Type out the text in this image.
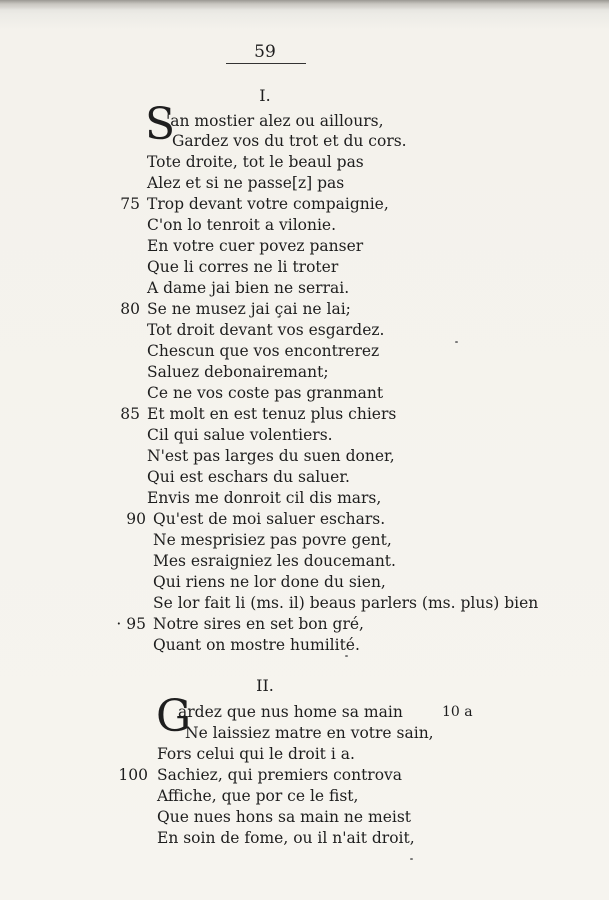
59
I.
S
'an mostier alez ou aillours,
Gardez vos du trot et du cors.
Tote droite, tot le beaul pas
Alez et si ne passe[z] pas
75 Trop devant votre compaignie,
C'on lo tenroit a vilonie.
En votre cuer povez panser
Que li corres ne li troter
A dame jai bien ne serrai.
80 Se ne musez jai çai ne lai;
Tot droit devant vos esgardez.
Chescun que vos encontrerez
Saluez debonairemant;
Ce ne vos coste pas granmant
85 Et molt en est tenuz plus chiers
Cil qui salue volentiers.
N'est pas larges du suen doner,
Qui est eschars du saluer.
Envis me donroit cil dis mars,
90 Qu'est de moi saluer eschars.
Ne mesprisiez pas povre gent,
Mes esraigniez les doucemant.
Qui riens ne lor done du sien,
Se lor fait li (ms. il) beaus parlers (ms. plus) bien
· 95 Notre sires en set bon gré,
Quant on mostre humilité.
II.
G
ardez que nus home sa main	10 a
Ne laissiez matre en votre sain,
Fors celui qui le droit i a.
100 Sachiez, qui premiers controva
Affiche, que por ce le fist,
Que nues hons sa main ne meist
En soin de fome, ou il n'ait droit,
